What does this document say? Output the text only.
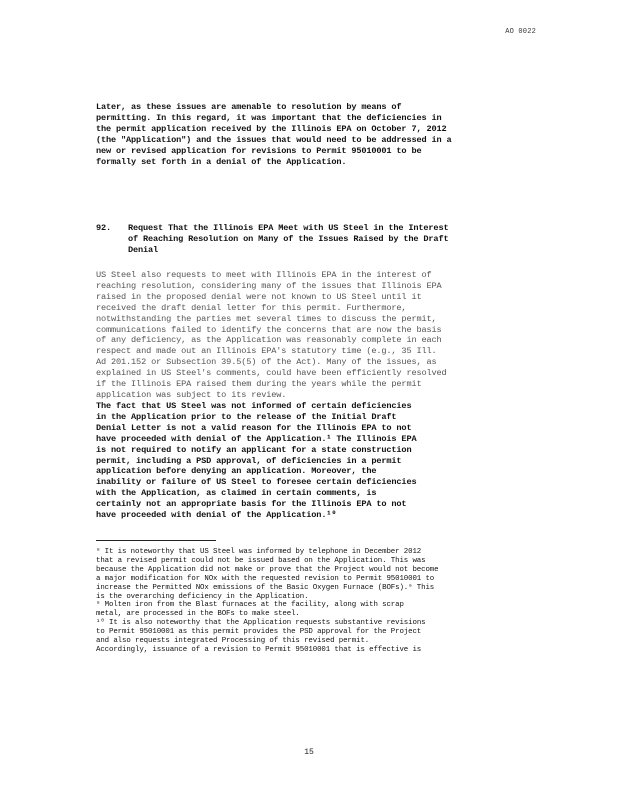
AO 0022

Later, as these issues are amenable to resolution by means of
permitting. In this regard, it was important that the deficiencies in
the permit application received by the Illinois EPA on October 7, 2012
(the "Application") and the issues that would need to be addressed in a
new or revised application for revisions to Permit 95010001 to be
formally set forth in a denial of the Application.

92. Request That the Illinois EPA Meet with US Steel in the Interest
of Reaching Resolution on Many of the Issues Raised by the Draft
Denial

US Steel also requests to meet with Illinois EPA in the interest of
reaching resolution, considering many of the issues that Illinois EPA
raised in the proposed denial were not known to US Steel until it
received the draft denial letter for this permit. Furthermore,
notwithstanding the parties met several times to discuss the permit,
communications failed to identify the concerns that are now the basis
of any deficiency, as the Application was reasonably complete in each
respect and made out an Illinois EPA's statutory time (e.g., 35 Ill.
Ad 201.152 or Subsection 39.5(5) of the Act). Many of the issues, as
explained in US Steel's comments, could have been efficiently resolved
if the Illinois EPA raised them during the years while the permit
application was subject to its review.

The fact that US Steel was not informed of certain deficiencies
in the Application prior to the release of the Initial Draft
Denial Letter is not a valid reason for the Illinois EPA to not
have proceeded with denial of the Application.¹ The Illinois EPA
is not required to notify an applicant for a state construction
permit, including a PSD approval, of deficiencies in a permit
application before denying an application. Moreover, the
inability or failure of US Steel to foresee certain deficiencies
with the Application, as claimed in certain comments, is
certainly not an appropriate basis for the Illinois EPA to not
have proceeded with denial of the Application.¹⁰

⁸ It is noteworthy that US Steel was informed by telephone in December 2012
that a revised permit could not be issued based on the Application. This was
because the Application did not make or prove that the Project would not become
a major modification for NOx with the requested revision to Permit 95010001 to
increase the Permitted NOx emissions of the Basic Oxygen Furnace (BOFs).⁹ This
is the overarching deficiency in the Application.
⁹ Molten iron from the Blast furnaces at the facility, along with scrap
metal, are processed in the BOFs to make steel.
¹⁰ It is also noteworthy that the Application requests substantive revisions
to Permit 95010001 as this permit provides the PSD approval for the Project
and also requests integrated Processing of this revised permit.
Accordingly, issuance of a revision to Permit 95010001 that is effective is

15
